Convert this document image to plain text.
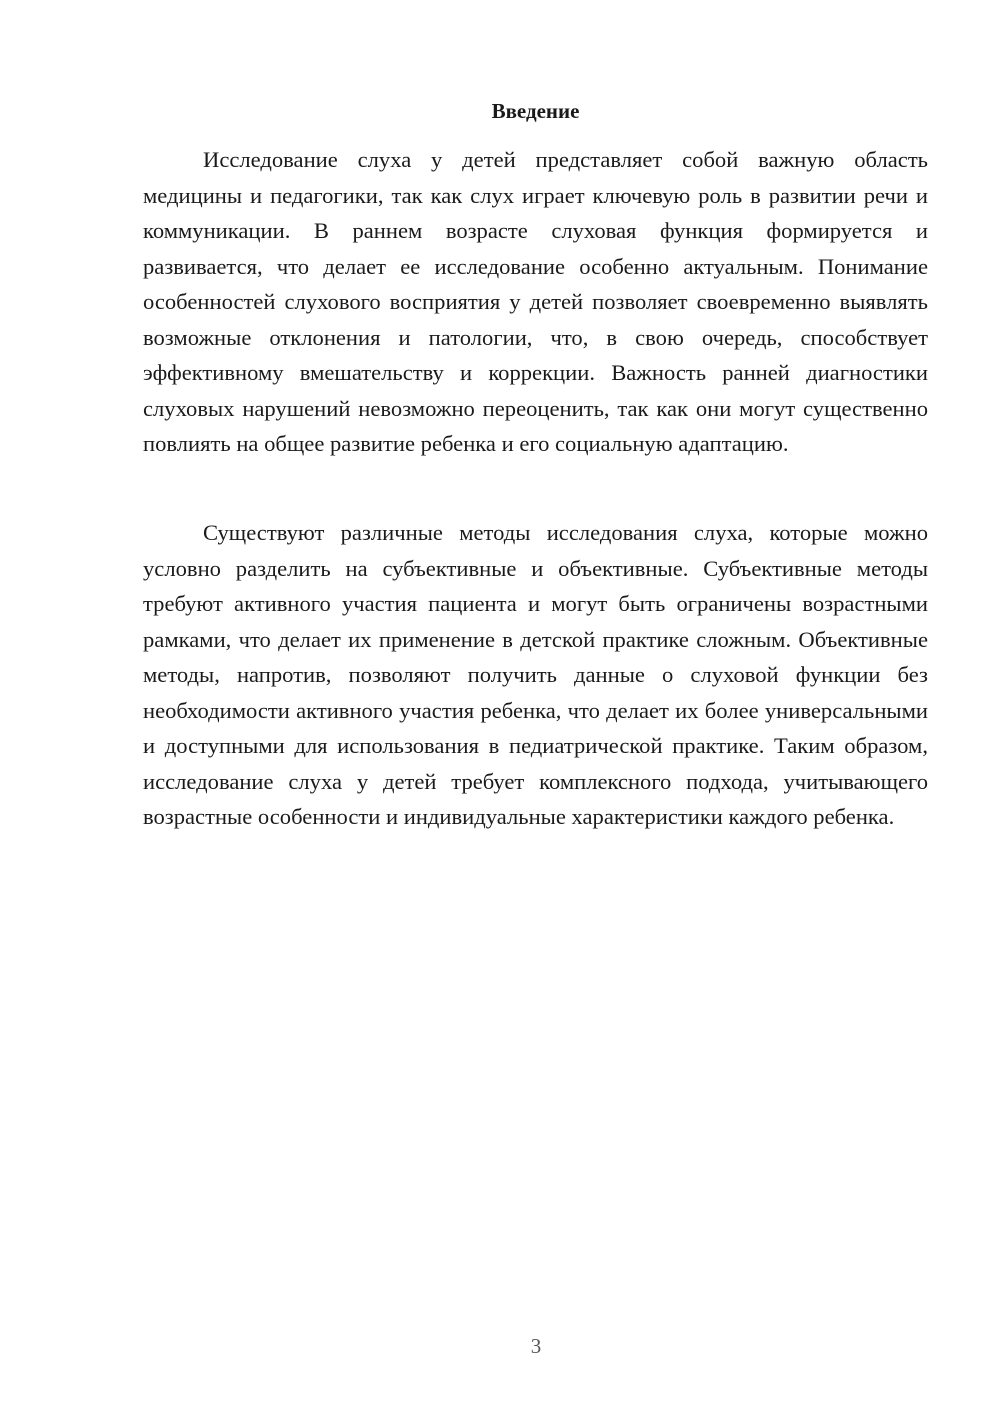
Введение

Исследование слуха у детей представляет собой важную область медицины и педагогики, так как слух играет ключевую роль в развитии речи и коммуникации. В раннем возрасте слуховая функция формируется и развивается, что делает ее исследование особенно актуальным. Понимание особенностей слухового восприятия у детей позволяет своевременно выявлять возможные отклонения и патологии, что, в свою очередь, способствует эффективному вмешательству и коррекции. Важность ранней диагностики слуховых нарушений невозможно переоценить, так как они могут существенно повлиять на общее развитие ребенка и его социальную адаптацию.

Существуют различные методы исследования слуха, которые можно условно разделить на субъективные и объективные. Субъективные методы требуют активного участия пациента и могут быть ограничены возрастными рамками, что делает их применение в детской практике сложным. Объективные методы, напротив, позволяют получить данные о слуховой функции без необходимости активного участия ребенка, что делает их более универсальными и доступными для использования в педиатрической практике. Таким образом, исследование слуха у детей требует комплексного подхода, учитывающего возрастные особенности и индивидуальные характеристики каждого ребенка.

3
